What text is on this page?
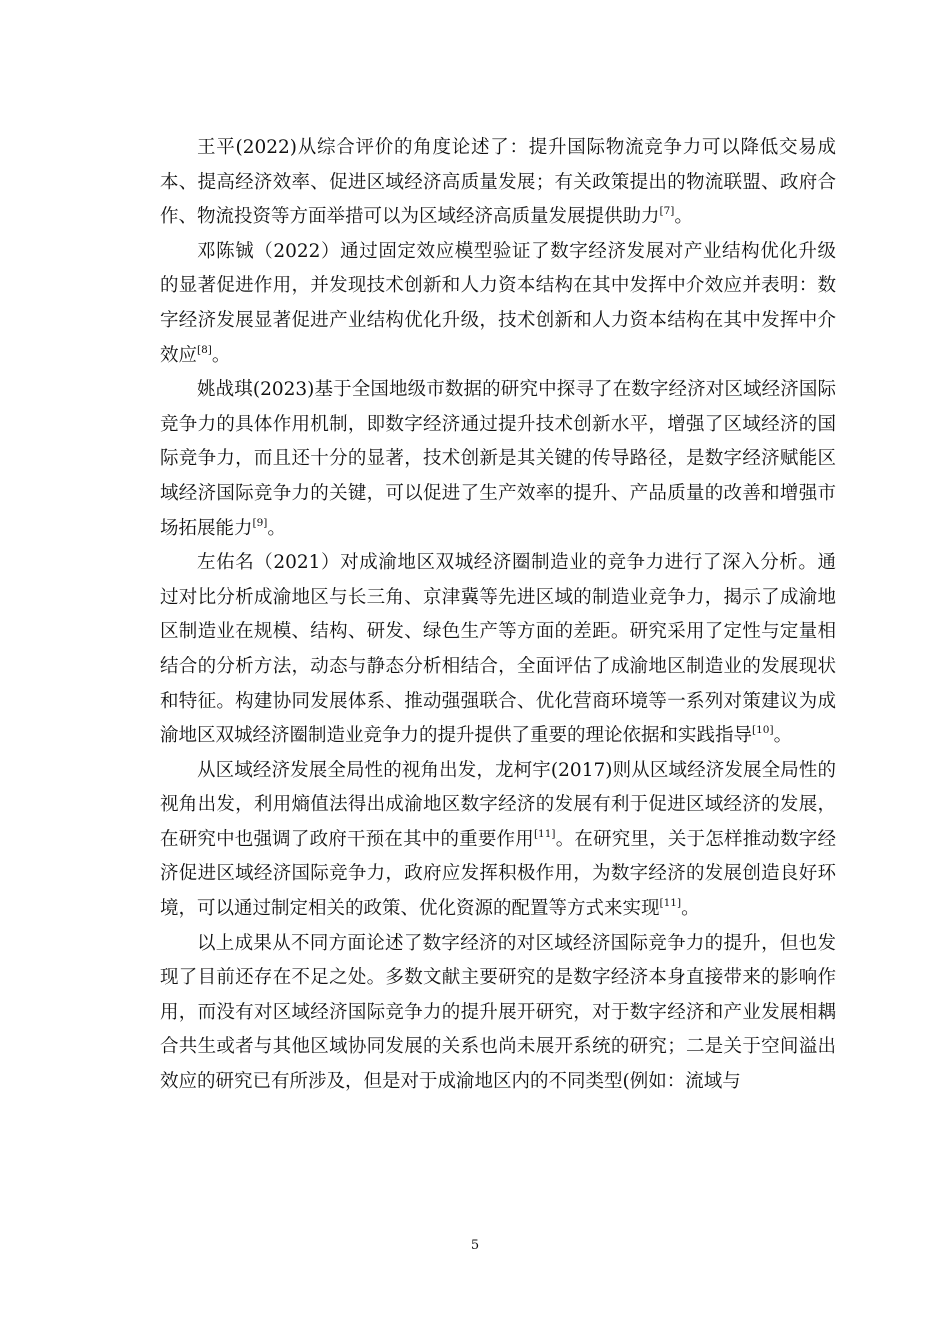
王平(2022)从综合评价的角度论述了：提升国际物流竞争力可以降低交易成本、提高经济效率、促进区域经济高质量发展；有关政策提出的物流联盟、政府合作、物流投资等方面举措可以为区域经济高质量发展提供助力[7]。

邓陈铖（2022）通过固定效应模型验证了数字经济发展对产业结构优化升级的显著促进作用，并发现技术创新和人力资本结构在其中发挥中介效应并表明：数字经济发展显著促进产业结构优化升级，技术创新和人力资本结构在其中发挥中介效应[8]。

姚战琪(2023)基于全国地级市数据的研究中探寻了在数字经济对区域经济国际竞争力的具体作用机制，即数字经济通过提升技术创新水平，增强了区域经济的国际竞争力，而且还十分的显著，技术创新是其关键的传导路径，是数字经济赋能区域经济国际竞争力的关键，可以促进了生产效率的提升、产品质量的改善和增强市场拓展能力[9]。

左佑名（2021）对成渝地区双城经济圈制造业的竞争力进行了深入分析。通过对比分析成渝地区与长三角、京津冀等先进区域的制造业竞争力，揭示了成渝地区制造业在规模、结构、研发、绿色生产等方面的差距。研究采用了定性与定量相结合的分析方法，动态与静态分析相结合，全面评估了成渝地区制造业的发展现状和特征。构建协同发展体系、推动强强联合、优化营商环境等一系列对策建议为成渝地区双城经济圈制造业竞争力的提升提供了重要的理论依据和实践指导[10]。

从区域经济发展全局性的视角出发，龙柯宇(2017)则从区域经济发展全局性的视角出发，利用熵值法得出成渝地区数字经济的发展有利于促进区域经济的发展，在研究中也强调了政府干预在其中的重要作用[11]。在研究里，关于怎样推动数字经济促进区域经济国际竞争力，政府应发挥积极作用，为数字经济的发展创造良好环境，可以通过制定相关的政策、优化资源的配置等方式来实现[11]。

以上成果从不同方面论述了数字经济的对区域经济国际竞争力的提升，但也发现了目前还存在不足之处。多数文献主要研究的是数字经济本身直接带来的影响作用，而没有对区域经济国际竞争力的提升展开研究，对于数字经济和产业发展相耦合共生或者与其他区域协同发展的关系也尚未展开系统的研究；二是关于空间溢出效应的研究已有所涉及，但是对于成渝地区内的不同类型(例如：流域与

5
